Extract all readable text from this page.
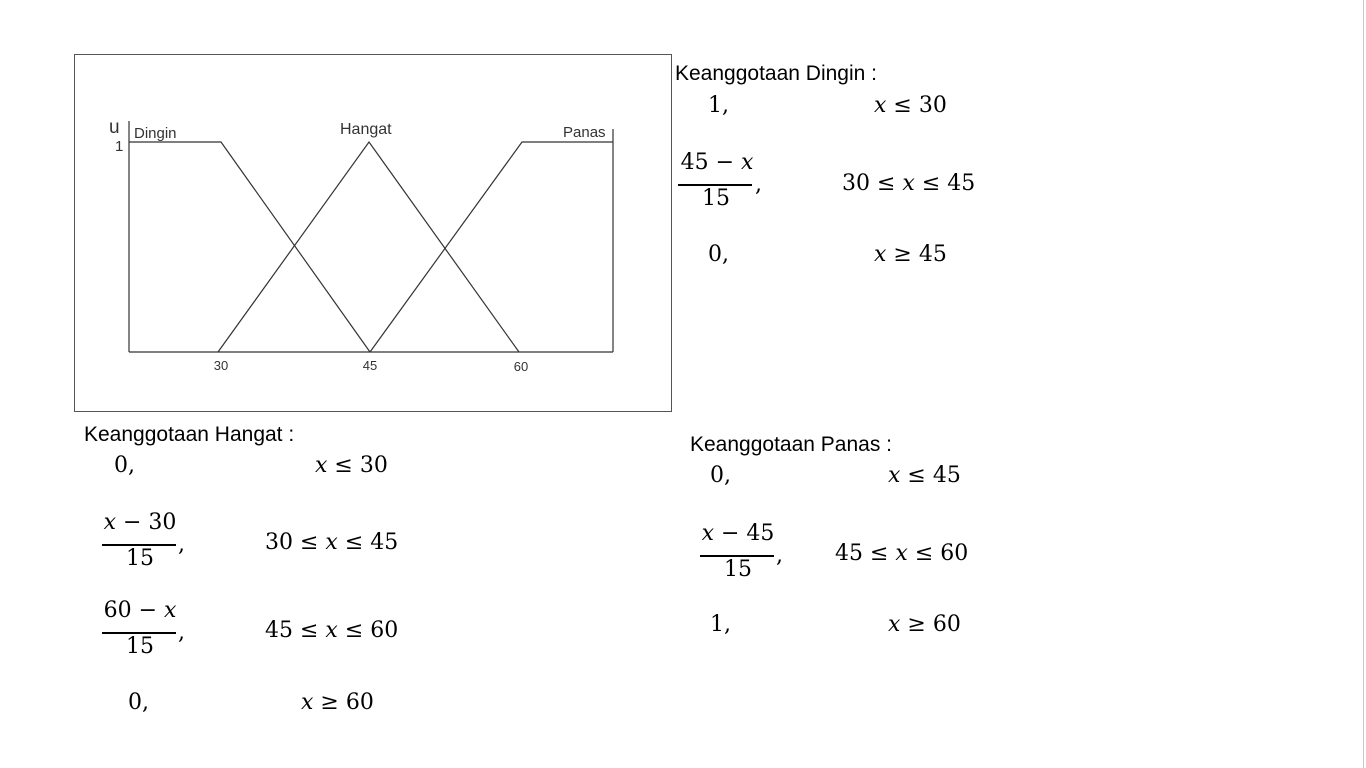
u
1
Dingin	Hangat	Panas
30	45	60
Keanggotaan Dingin :
1,	x ≤ 30
45 − x
15
,	30 ≤ x ≤ 45
0,	x ≥ 45
Keanggotaan Hangat :
0,	x ≤ 30
x − 30
15
,	30 ≤ x ≤ 45
60 − x
15
,	45 ≤ x ≤ 60
0,	x ≥ 60
Keanggotaan Panas :
0,	x ≤ 45
x − 45
15
, 45 ≤ x ≤ 60
1,	x ≥ 60
